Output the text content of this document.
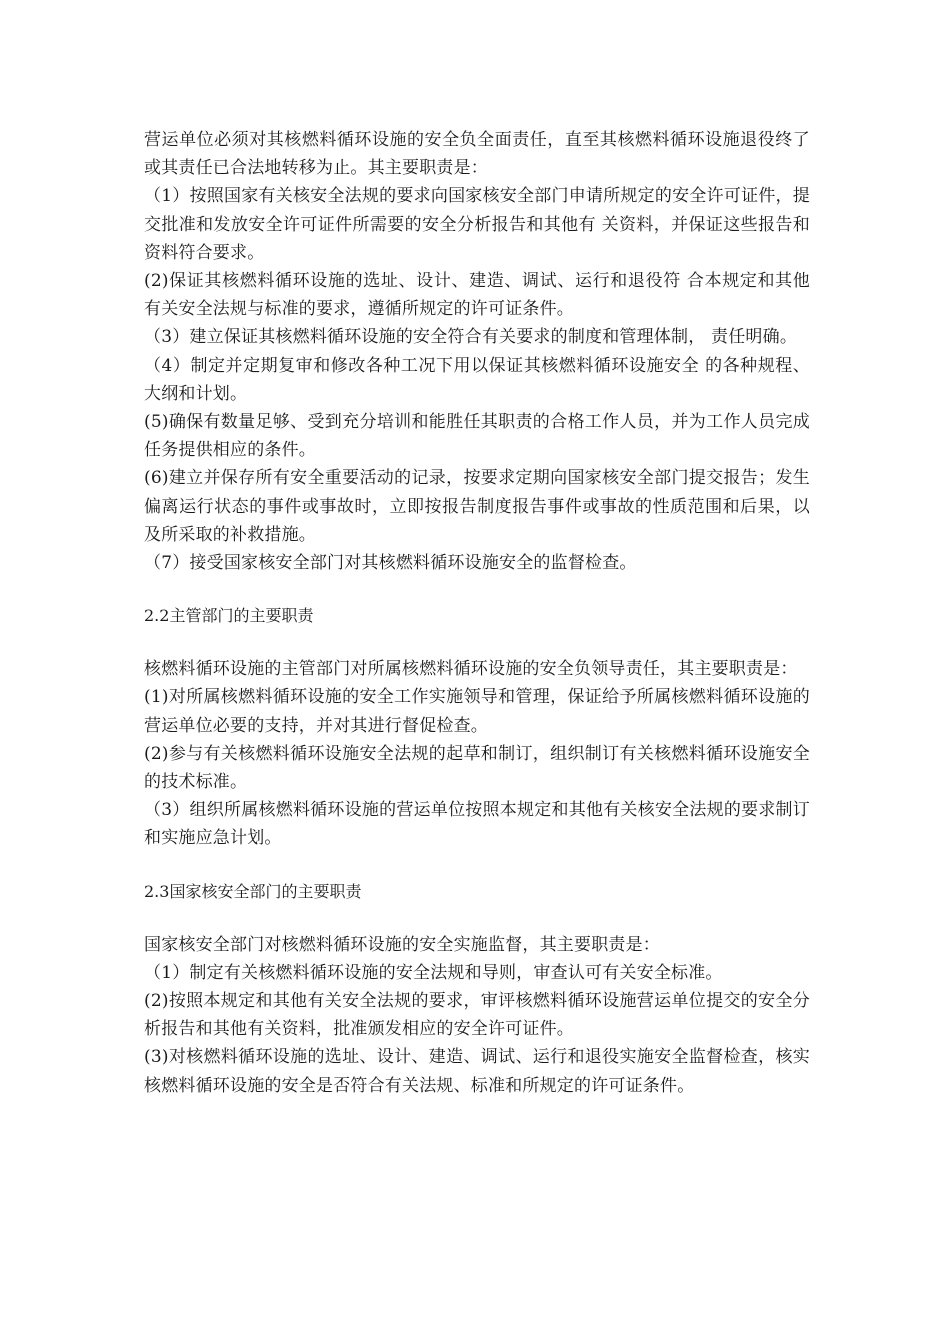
营运单位必须对其核燃料循环设施的安全负全面责任，直至其核燃料循环设施退役终了或其责任已合法地转移为止。其主要职责是：

（1）按照国家有关核安全法规的要求向国家核安全部门申请所规定的安全许可证件，提交批准和发放安全许可证件所需要的安全分析报告和其他有 关资料，并保证这些报告和资料符合要求。

(2)保证其核燃料循环设施的选址、设计、建造、调试、运行和退役符 合本规定和其他有关安全法规与标准的要求，遵循所规定的许可证条件。

（3）建立保证其核燃料循环设施的安全符合有关要求的制度和管理体制， 责任明确。

（4）制定并定期复审和修改各种工况下用以保证其核燃料循环设施安全 的各种规程、大纲和计划。

(5)确保有数量足够、受到充分培训和能胜任其职责的合格工作人员，并为工作人员完成任务提供相应的条件。

(6)建立并保存所有安全重要活动的记录，按要求定期向国家核安全部门提交报告；发生偏离运行状态的事件或事故时，立即按报告制度报告事件或事故的性质范围和后果，以及所采取的补救措施。

（7）接受国家核安全部门对其核燃料循环设施安全的监督检查。

2.2主管部门的主要职责

核燃料循环设施的主管部门对所属核燃料循环设施的安全负领导责任，其主要职责是：

(1)对所属核燃料循环设施的安全工作实施领导和管理，保证给予所属核燃料循环设施的营运单位必要的支持，并对其进行督促检查。

(2)参与有关核燃料循环设施安全法规的起草和制订，组织制订有关核燃料循环设施安全的技术标准。

（3）组织所属核燃料循环设施的营运单位按照本规定和其他有关核安全法规的要求制订和实施应急计划。

2.3国家核安全部门的主要职责

国家核安全部门对核燃料循环设施的安全实施监督，其主要职责是：

（1）制定有关核燃料循环设施的安全法规和导则，审查认可有关安全标准。

(2)按照本规定和其他有关安全法规的要求，审评核燃料循环设施营运单位提交的安全分析报告和其他有关资料，批准颁发相应的安全许可证件。

(3)对核燃料循环设施的选址、设计、建造、调试、运行和退役实施安全监督检查，核实核燃料循环设施的安全是否符合有关法规、标准和所规定的许可证条件。
